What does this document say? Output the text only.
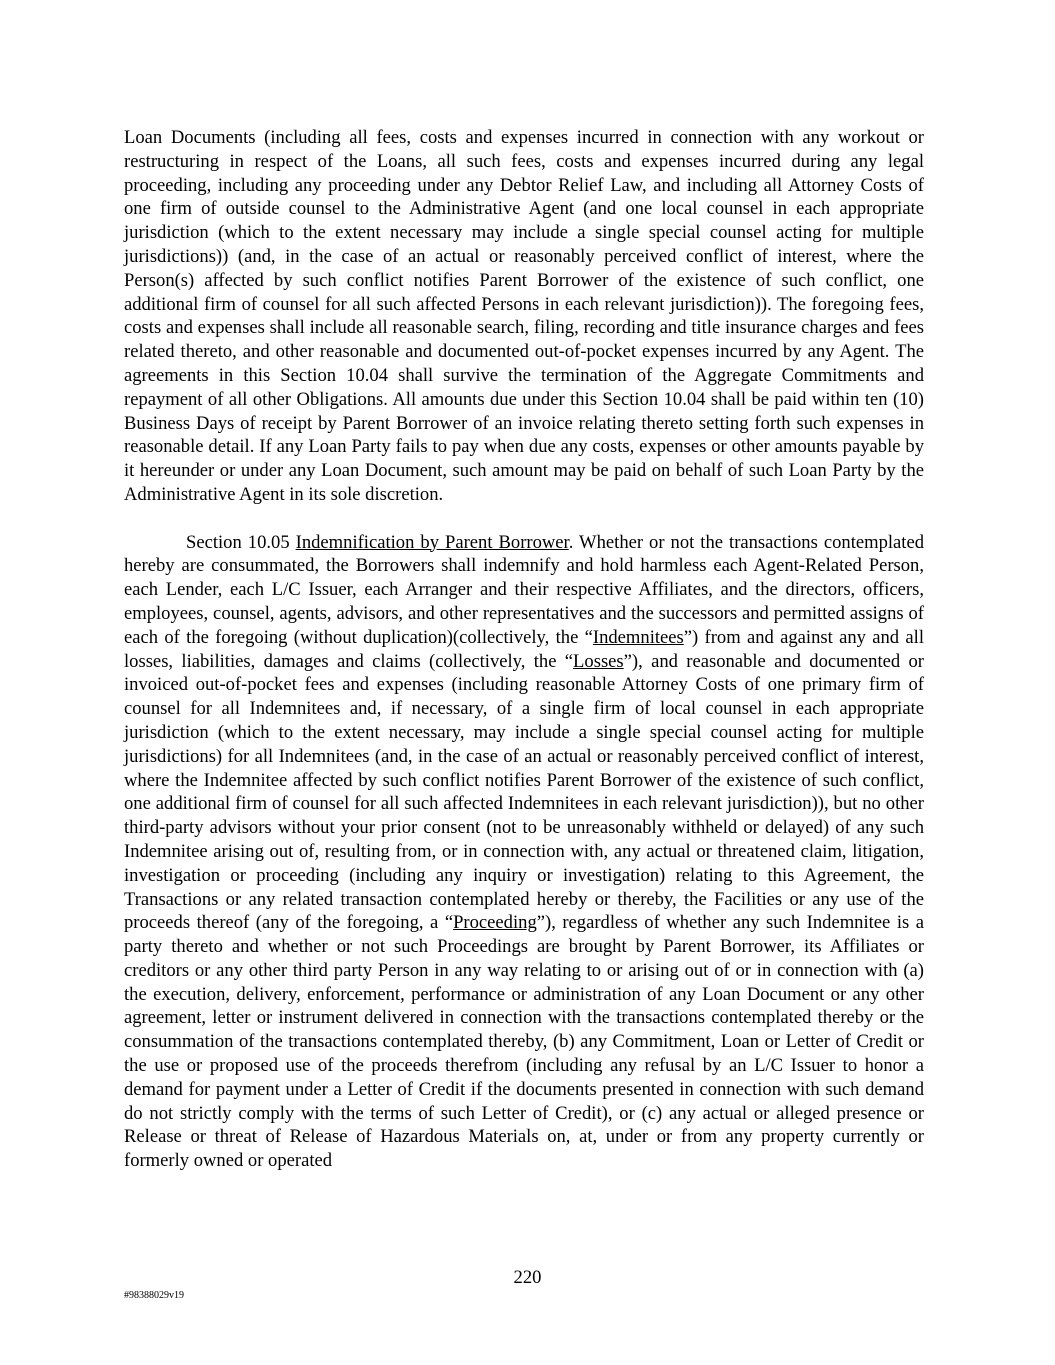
Loan Documents (including all fees, costs and expenses incurred in connection with any workout or restructuring in respect of the Loans, all such fees, costs and expenses incurred during any legal proceeding, including any proceeding under any Debtor Relief Law, and including all Attorney Costs of one firm of outside counsel to the Administrative Agent (and one local counsel in each appropriate jurisdiction (which to the extent necessary may include a single special counsel acting for multiple jurisdictions)) (and, in the case of an actual or reasonably perceived conflict of interest, where the Person(s) affected by such conflict notifies Parent Borrower of the existence of such conflict, one additional firm of counsel for all such affected Persons in each relevant jurisdiction)). The foregoing fees, costs and expenses shall include all reasonable search, filing, recording and title insurance charges and fees related thereto, and other reasonable and documented out-of-pocket expenses incurred by any Agent. The agreements in this Section 10.04 shall survive the termination of the Aggregate Commitments and repayment of all other Obligations. All amounts due under this Section 10.04 shall be paid within ten (10) Business Days of receipt by Parent Borrower of an invoice relating thereto setting forth such expenses in reasonable detail. If any Loan Party fails to pay when due any costs, expenses or other amounts payable by it hereunder or under any Loan Document, such amount may be paid on behalf of such Loan Party by the Administrative Agent in its sole discretion.

Section 10.05 Indemnification by Parent Borrower. Whether or not the transactions contemplated hereby are consummated, the Borrowers shall indemnify and hold harmless each Agent-Related Person, each Lender, each L/C Issuer, each Arranger and their respective Affiliates, and the directors, officers, employees, counsel, agents, advisors, and other representatives and the successors and permitted assigns of each of the foregoing (without duplication)(collectively, the “Indemnitees”) from and against any and all losses, liabilities, damages and claims (collectively, the “Losses”), and reasonable and documented or invoiced out-of-pocket fees and expenses (including reasonable Attorney Costs of one primary firm of counsel for all Indemnitees and, if necessary, of a single firm of local counsel in each appropriate jurisdiction (which to the extent necessary, may include a single special counsel acting for multiple jurisdictions) for all Indemnitees (and, in the case of an actual or reasonably perceived conflict of interest, where the Indemnitee affected by such conflict notifies Parent Borrower of the existence of such conflict, one additional firm of counsel for all such affected Indemnitees in each relevant jurisdiction)), but no other third-party advisors without your prior consent (not to be unreasonably withheld or delayed) of any such Indemnitee arising out of, resulting from, or in connection with, any actual or threatened claim, litigation, investigation or proceeding (including any inquiry or investigation) relating to this Agreement, the Transactions or any related transaction contemplated hereby or thereby, the Facilities or any use of the proceeds thereof (any of the foregoing, a “Proceeding”), regardless of whether any such Indemnitee is a party thereto and whether or not such Proceedings are brought by Parent Borrower, its Affiliates or creditors or any other third party Person in any way relating to or arising out of or in connection with (a) the execution, delivery, enforcement, performance or administration of any Loan Document or any other agreement, letter or instrument delivered in connection with the transactions contemplated thereby or the consummation of the transactions contemplated thereby, (b) any Commitment, Loan or Letter of Credit or the use or proposed use of the proceeds therefrom (including any refusal by an L/C Issuer to honor a demand for payment under a Letter of Credit if the documents presented in connection with such demand do not strictly comply with the terms of such Letter of Credit), or (c) any actual or alleged presence or Release or threat of Release of Hazardous Materials on, at, under or from any property currently or formerly owned or operated

220
#98388029v19
